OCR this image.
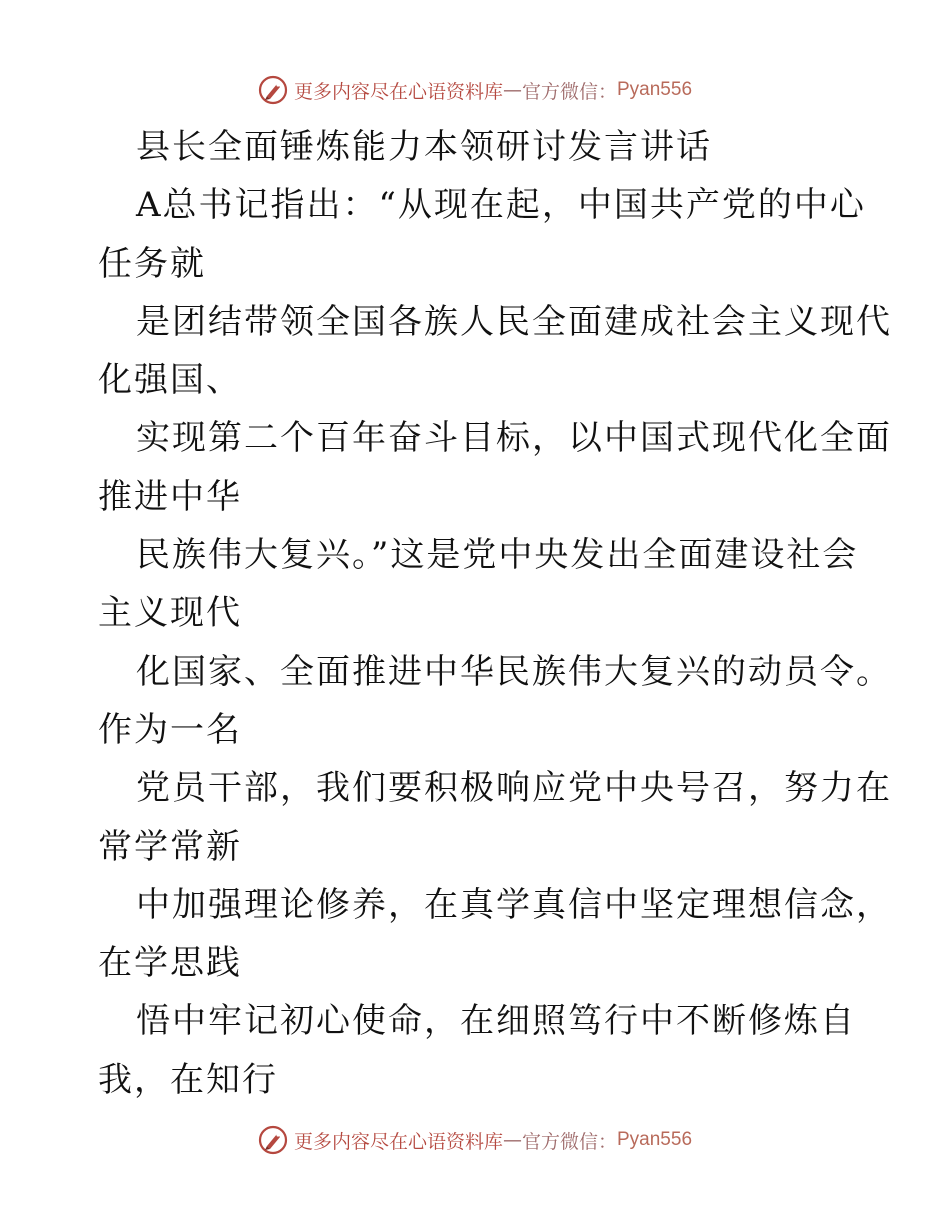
更多内容尽在心语资料库 — 官方微信： Pyan556
县长全面锤炼能力本领研讨发言讲话
A总书记指出：“从现在起，中国共产党的中心
任务就
是团结带领全国各族人民全面建成社会主义现代
化强国、
实现第二个百年奋斗目标，以中国式现代化全面
推进中华
民族伟大复兴。”这是党中央发出全面建设社会
主义现代
化国家、全面推进中华民族伟大复兴的动员令。
作为一名
党员干部，我们要积极响应党中央号召，努力在
常学常新
中加强理论修养，在真学真信中坚定理想信念，
在学思践
悟中牢记初心使命，在细照笃行中不断修炼自
我，在知行
更多内容尽在心语资料库 — 官方微信： Pyan556
